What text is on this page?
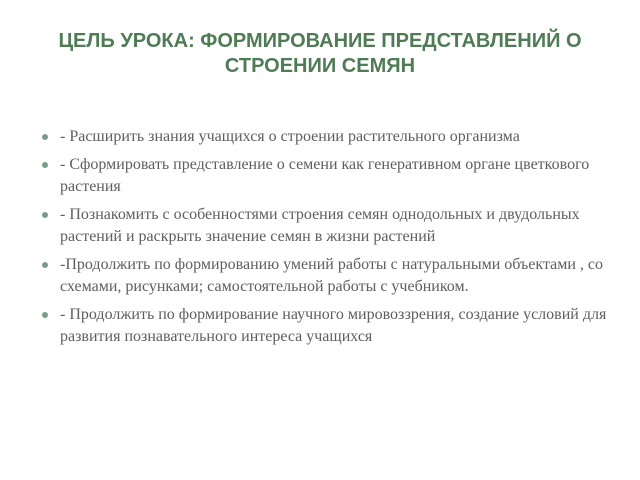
ЦЕЛЬ УРОКА: ФОРМИРОВАНИЕ ПРЕДСТАВЛЕНИЙ О СТРОЕНИИ СЕМЯН
- Расширить знания учащихся о строении растительного организма
- Сформировать представление о семени как генеративном органе цветкового растения
- Познакомить с особенностями строения семян однодольных и двудольных растений и раскрыть значение семян в жизни растений
-Продолжить по формированию умений работы с натуральными объектами , со схемами, рисунками; самостоятельной работы с учебником.
- Продолжить по формирование научного мировоззрения, создание условий для развития познавательного интереса учащихся
